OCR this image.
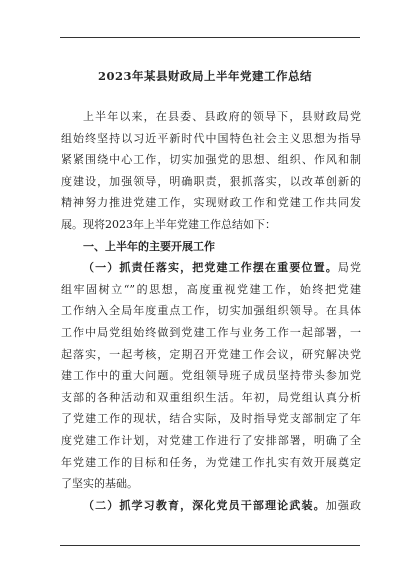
2023年某县财政局上半年党建工作总结
上半年以来，在县委、县政府的领导下，县财政局党
组始终坚持以习近平新时代中国特色社会主义思想为指导
紧紧围绕中心工作，切实加强党的思想、组织、作风和制
度建设，加强领导，明确职责，狠抓落实，以改革创新的
精神努力推进党建工作，实现财政工作和党建工作共同发
展。现将2023年上半年党建工作总结如下：
一、上半年的主要开展工作
（一）抓责任落实，把党建工作摆在重要位置。局党
组牢固树立“”的思想，高度重视党建工作，始终把党建
工作纳入全局年度重点工作，切实加强组织领导。在具体
工作中局党组始终做到党建工作与业务工作一起部署，一
起落实，一起考核，定期召开党建工作会议，研究解决党
建工作中的重大问题。党组领导班子成员坚持带头参加党
支部的各种活动和双重组织生活。年初，局党组认真分析
了党建工作的现状，结合实际，及时指导党支部制定了年
度党建工作计划，对党建工作进行了安排部署，明确了全
年党建工作的目标和任务，为党建工作扎实有效开展奠定
了坚实的基础。
（二）抓学习教育，深化党员干部理论武装。加强政
